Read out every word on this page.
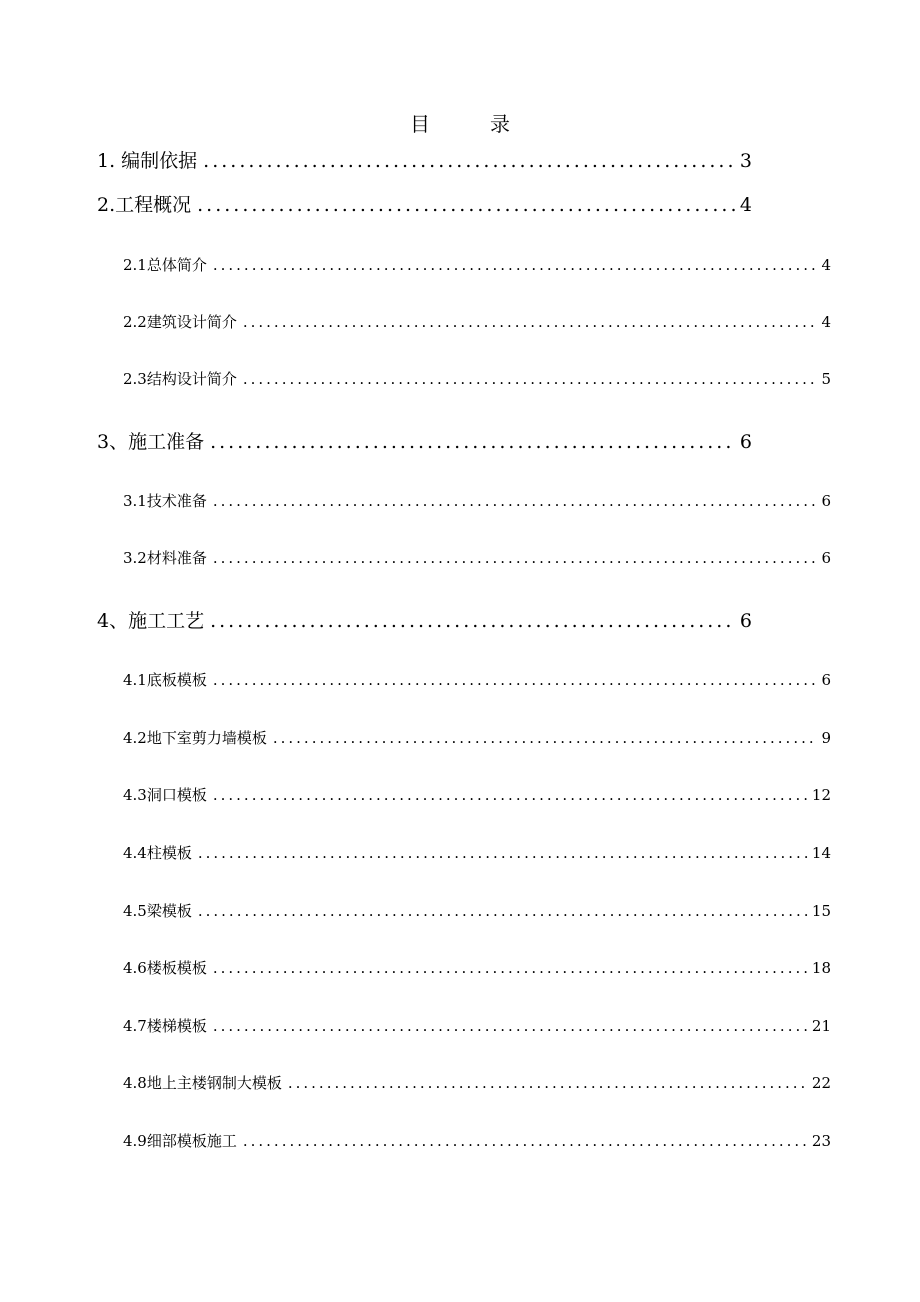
目　录
1. 编制依据 .....	3
2.工程概况 .....	4
2.1总体简介 .....	4
2.2建筑设计简介 .....	4
2.3结构设计简介 .....	5
3、施工准备 .....	6
3.1技术准备 .....	6
3.2材料准备 .....	6
4、施工工艺 .....	6
4.1底板模板 .....	6
4.2地下室剪力墙模板 .....	9
4.3洞口模板 .....	12
4.4柱模板 .....	14
4.5梁模板 .....	15
4.6楼板模板 .....	18
4.7楼梯模板 .....	21
4.8地上主楼钢制大模板 .....	22
4.9细部模板施工 .....	23
